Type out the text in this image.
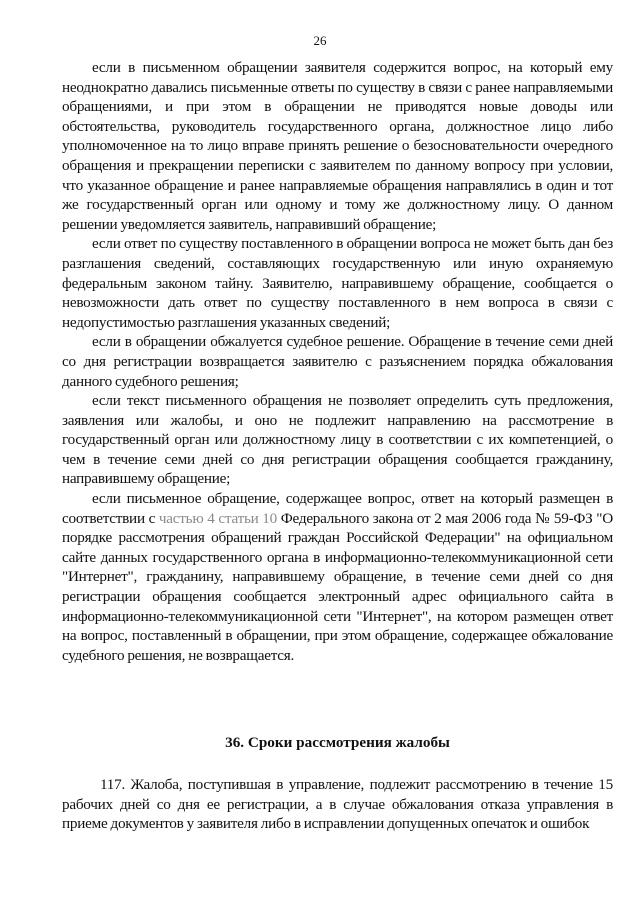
26

если в письменном обращении заявителя содержится вопрос, на который ему неоднократно давались письменные ответы по существу в связи с ранее направляемыми обращениями, и при этом в обращении не приводятся новые доводы или обстоятельства, руководитель государственного органа, должностное лицо либо уполномоченное на то лицо вправе принять решение о безосновательности очередного обращения и прекращении переписки с заявителем по данному вопросу при условии, что указанное обращение и ранее направляемые обращения направлялись в один и тот же государственный орган или одному и тому же должностному лицу. О данном решении уведомляется заявитель, направивший обращение;

если ответ по существу поставленного в обращении вопроса не может быть дан без разглашения сведений, составляющих государственную или иную охраняемую федеральным законом тайну. Заявителю, направившему обращение, сообщается о невозможности дать ответ по существу поставленного в нем вопроса в связи с недопустимостью разглашения указанных сведений;

если в обращении обжалуется судебное решение. Обращение в течение семи дней со дня регистрации возвращается заявителю с разъяснением порядка обжалования данного судебного решения;

если текст письменного обращения не позволяет определить суть предложения, заявления или жалобы, и оно не подлежит направлению на рассмотрение в государственный орган или должностному лицу в соответствии с их компетенцией, о чем в течение семи дней со дня регистрации обращения сообщается гражданину, направившему обращение;

если письменное обращение, содержащее вопрос, ответ на который размещен в соответствии с частью 4 статьи 10 Федерального закона от 2 мая 2006 года № 59-ФЗ "О порядке рассмотрения обращений граждан Российской Федерации" на официальном сайте данных государственного органа в информационно-телекоммуникационной сети "Интернет", гражданину, направившему обращение, в течение семи дней со дня регистрации обращения сообщается электронный адрес официального сайта в информационно-телекоммуникационной сети "Интернет", на котором размещен ответ на вопрос, поставленный в обращении, при этом обращение, содержащее обжалование судебного решения, не возвращается.

36. Сроки рассмотрения жалобы

117. Жалоба, поступившая в управление, подлежит рассмотрению в течение 15 рабочих дней со дня ее регистрации, а в случае обжалования отказа управления в приеме документов у заявителя либо в исправлении допущенных опечаток и ошибок
